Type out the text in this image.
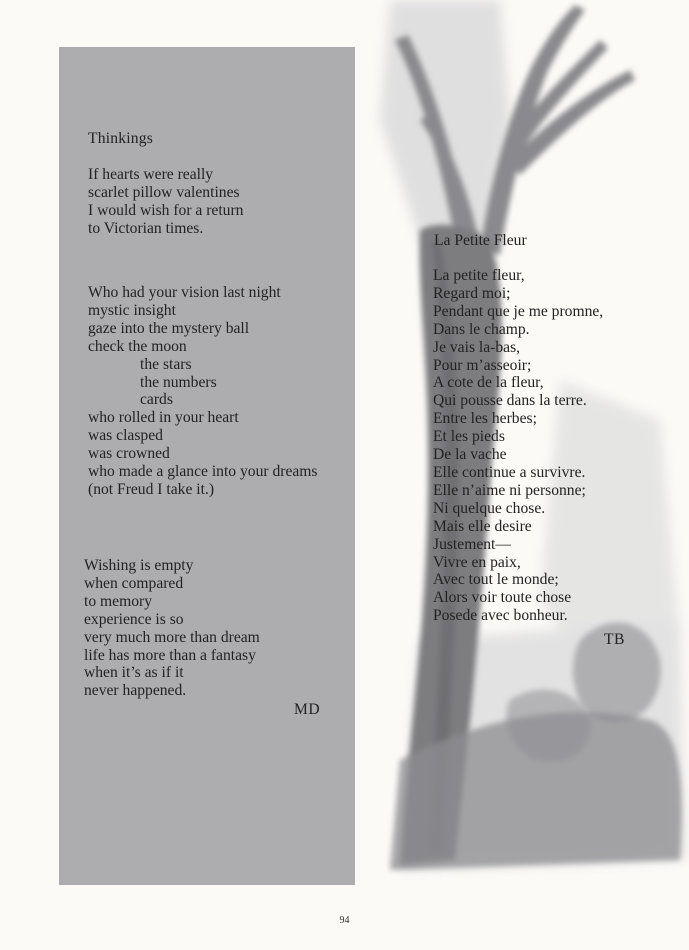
Thinkings
If hearts were really
scarlet pillow valentines
I would wish for a return
to Victorian times.
Who had your vision last night
mystic insight
gaze into the mystery ball
check the moon
the stars
the numbers
cards
who rolled in your heart
was clasped
was crowned
who made a glance into your dreams
(not Freud I take it.)
Wishing is empty
when compared
to memory
experience is so
very much more than dream
life has more than a fantasy
when it’s as if it
never happened.
MD
La Petite Fleur
La petite fleur,
Regard moi;
Pendant que je me promne,
Dans le champ.
Je vais la-bas,
Pour m’asseoir;
A cote de la fleur,
Qui pousse dans la terre.
Entre les herbes;
Et les pieds
De la vache
Elle continue a survivre.
Elle n’aime ni personne;
Ni quelque chose.
Mais elle desire
Justement—
Vivre en paix,
Avec tout le monde;
Alors voir toute chose
Posede avec bonheur.
TB
94
